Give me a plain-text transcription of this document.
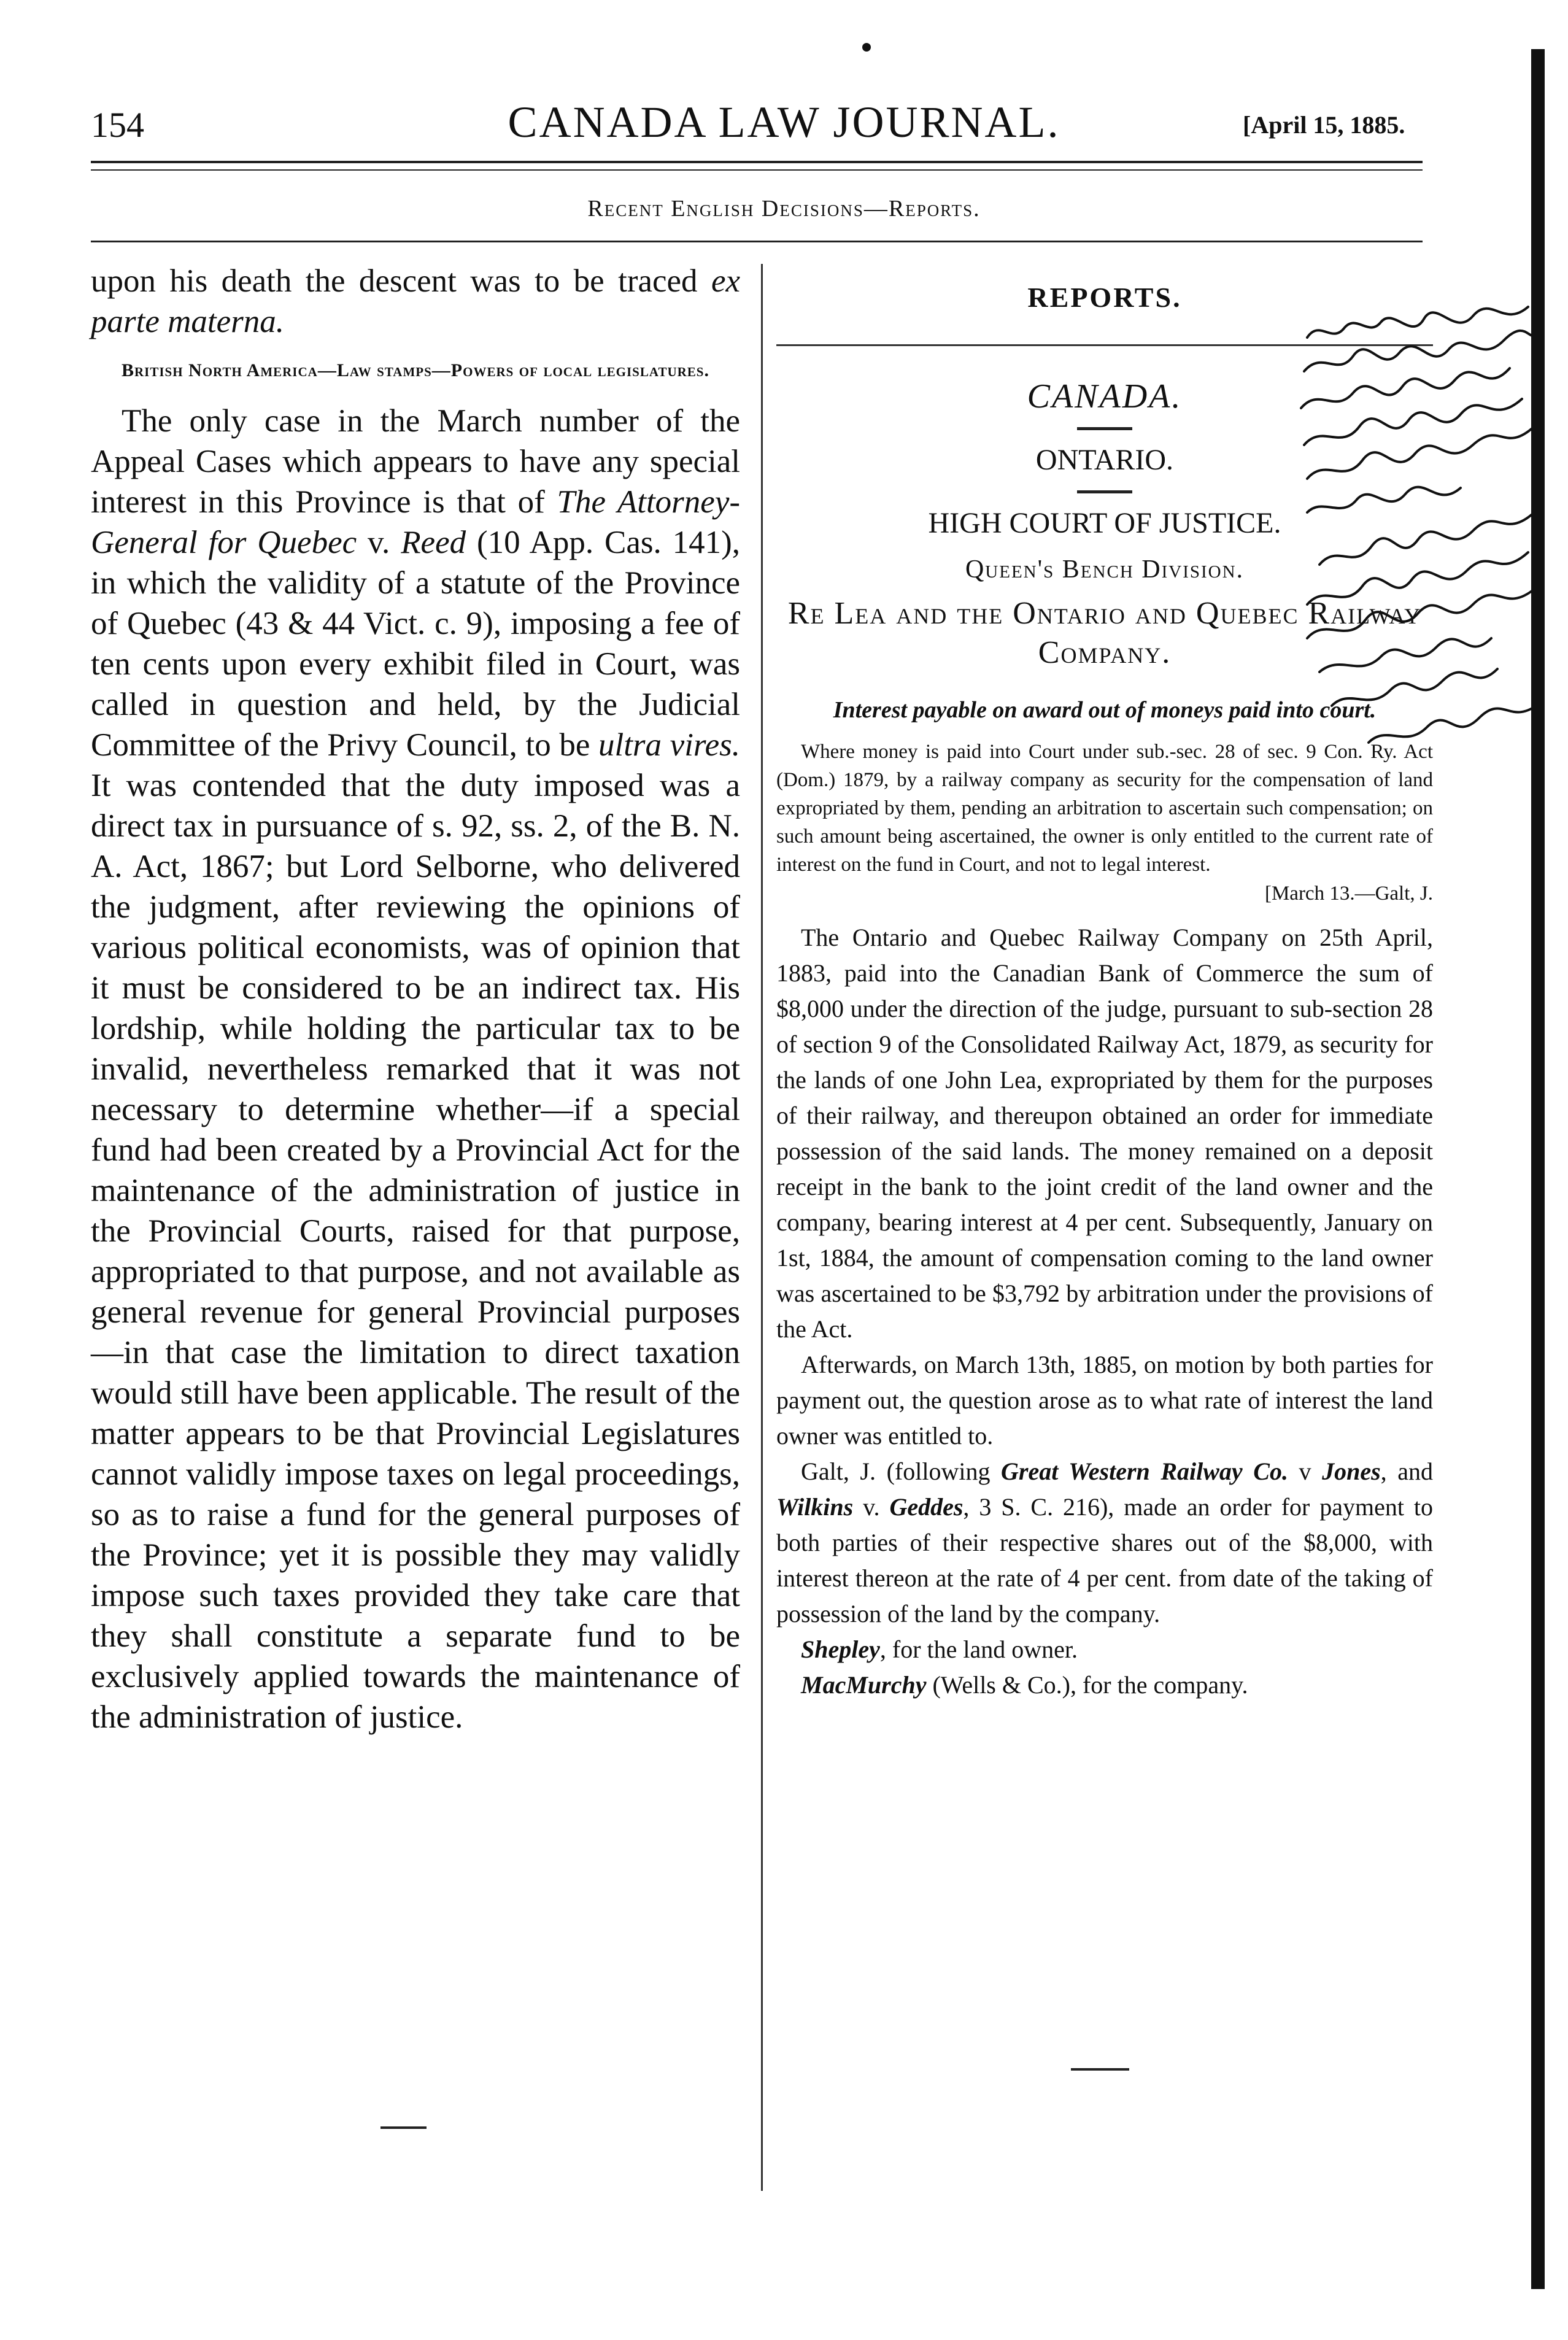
154	CANADA LAW JOURNAL.	[April 15, 1885.
Recent English Decisions—Reports.

upon his death the descent was to be traced ex parte materna.

British North America—Law stamps—Powers of local legislatures.

The only case in the March number of the Appeal Cases which appears to have any special interest in this Province is that of The Attorney-General for Quebec v. Reed (10 App. Cas. 141), in which the validity of a statute of the Province of Quebec (43 & 44 Vict. c. 9), imposing a fee of ten cents upon every exhibit filed in Court, was called in question and held, by the Judicial Committee of the Privy Council, to be ultra vires. It was contended that the duty imposed was a direct tax in pursuance of s. 92, ss. 2, of the B. N. A. Act, 1867; but Lord Selborne, who delivered the judgment, after reviewing the opinions of various political economists, was of opinion that it must be considered to be an indirect tax. His lordship, while holding the particular tax to be invalid, nevertheless remarked that it was not necessary to determine whether—if a special fund had been created by a Provincial Act for the maintenance of the administration of justice in the Provincial Courts, raised for that purpose, appropriated to that purpose, and not available as general revenue for general Provincial purposes—in that case the limitation to direct taxation would still have been applicable. The result of the matter appears to be that Provincial Legislatures cannot validly impose taxes on legal proceedings, so as to raise a fund for the general purposes of the Province; yet it is possible they may validly impose such taxes provided they take care that they shall constitute a separate fund to be exclusively applied towards the maintenance of the administration of justice.

REPORTS.
CANADA.
ONTARIO.
HIGH COURT OF JUSTICE.
Queen's Bench Division.
Re Lea and the Ontario and Quebec Railway Company.
Interest payable on award out of moneys paid into court.

Where money is paid into Court under sub.-sec. 28 of sec. 9 Con. Ry. Act (Dom.) 1879, by a railway company as security for the compensation of land expropriated by them, pending an arbitration to ascertain such compensation; on such amount being ascertained, the owner is only entitled to the current rate of interest on the fund in Court, and not to legal interest.

[March 13.—Galt, J.

The Ontario and Quebec Railway Company on 25th April, 1883, paid into the Canadian Bank of Commerce the sum of $8,000 under the direction of the judge, pursuant to sub-section 28 of section 9 of the Consolidated Railway Act, 1879, as security for the lands of one John Lea, expropriated by them for the purposes of their railway, and thereupon obtained an order for immediate possession of the said lands. The money remained on a deposit receipt in the bank to the joint credit of the land owner and the company, bearing interest at 4 per cent. Subsequently, January on 1st, 1884, the amount of compensation coming to the land owner was ascertained to be $3,792 by arbitration under the provisions of the Act.

Afterwards, on March 13th, 1885, on motion by both parties for payment out, the question arose as to what rate of interest the land owner was entitled to.

Galt, J. (following Great Western Railway Co. v Jones, and Wilkins v. Geddes, 3 S. C. 216), made an order for payment to both parties of their respective shares out of the $8,000, with interest thereon at the rate of 4 per cent. from date of the taking of possession of the land by the company.

Shepley, for the land owner.

MacMurchy (Wells & Co.), for the company.
